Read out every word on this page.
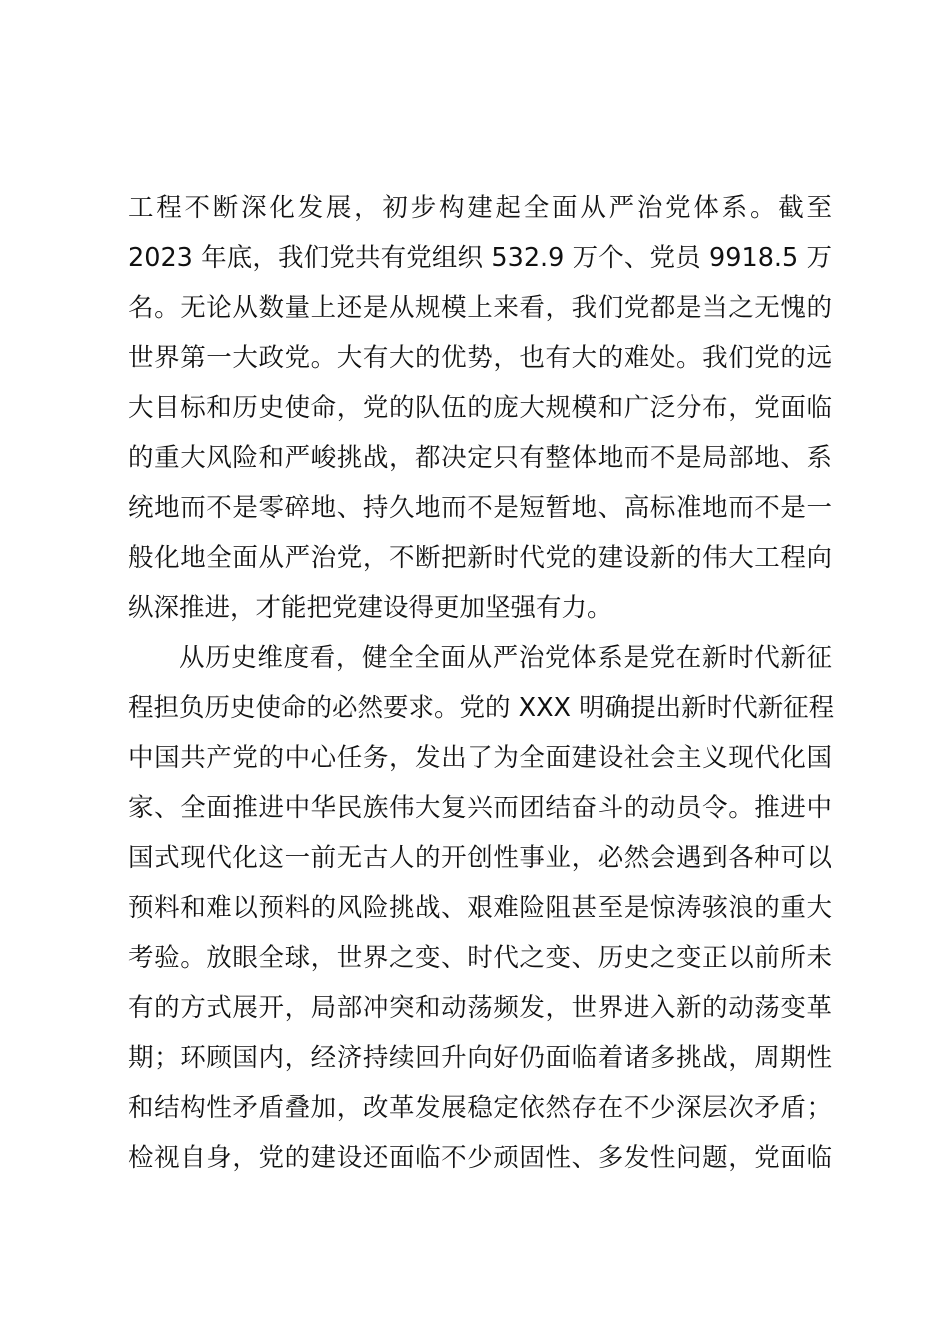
工程不断深化发展，初步构建起全面从严治党体系。截至
2023 年底，我们党共有党组织 532.9 万个、党员 9918.5 万
名。无论从数量上还是从规模上来看，我们党都是当之无愧的
世界第一大政党。大有大的优势，也有大的难处。我们党的远
大目标和历史使命，党的队伍的庞大规模和广泛分布，党面临
的重大风险和严峻挑战，都决定只有整体地而不是局部地、系
统地而不是零碎地、持久地而不是短暂地、高标准地而不是一
般化地全面从严治党，不断把新时代党的建设新的伟大工程向
纵深推进，才能把党建设得更加坚强有力。
从历史维度看，健全全面从严治党体系是党在新时代新征
程担负历史使命的必然要求。党的 XXX 明确提出新时代新征程
中国共产党的中心任务，发出了为全面建设社会主义现代化国
家、全面推进中华民族伟大复兴而团结奋斗的动员令。推进中
国式现代化这一前无古人的开创性事业，必然会遇到各种可以
预料和难以预料的风险挑战、艰难险阻甚至是惊涛骇浪的重大
考验。放眼全球，世界之变、时代之变、历史之变正以前所未
有的方式展开，局部冲突和动荡频发，世界进入新的动荡变革
期；环顾国内，经济持续回升向好仍面临着诸多挑战，周期性
和结构性矛盾叠加，改革发展稳定依然存在不少深层次矛盾；
检视自身，党的建设还面临不少顽固性、多发性问题，党面临
